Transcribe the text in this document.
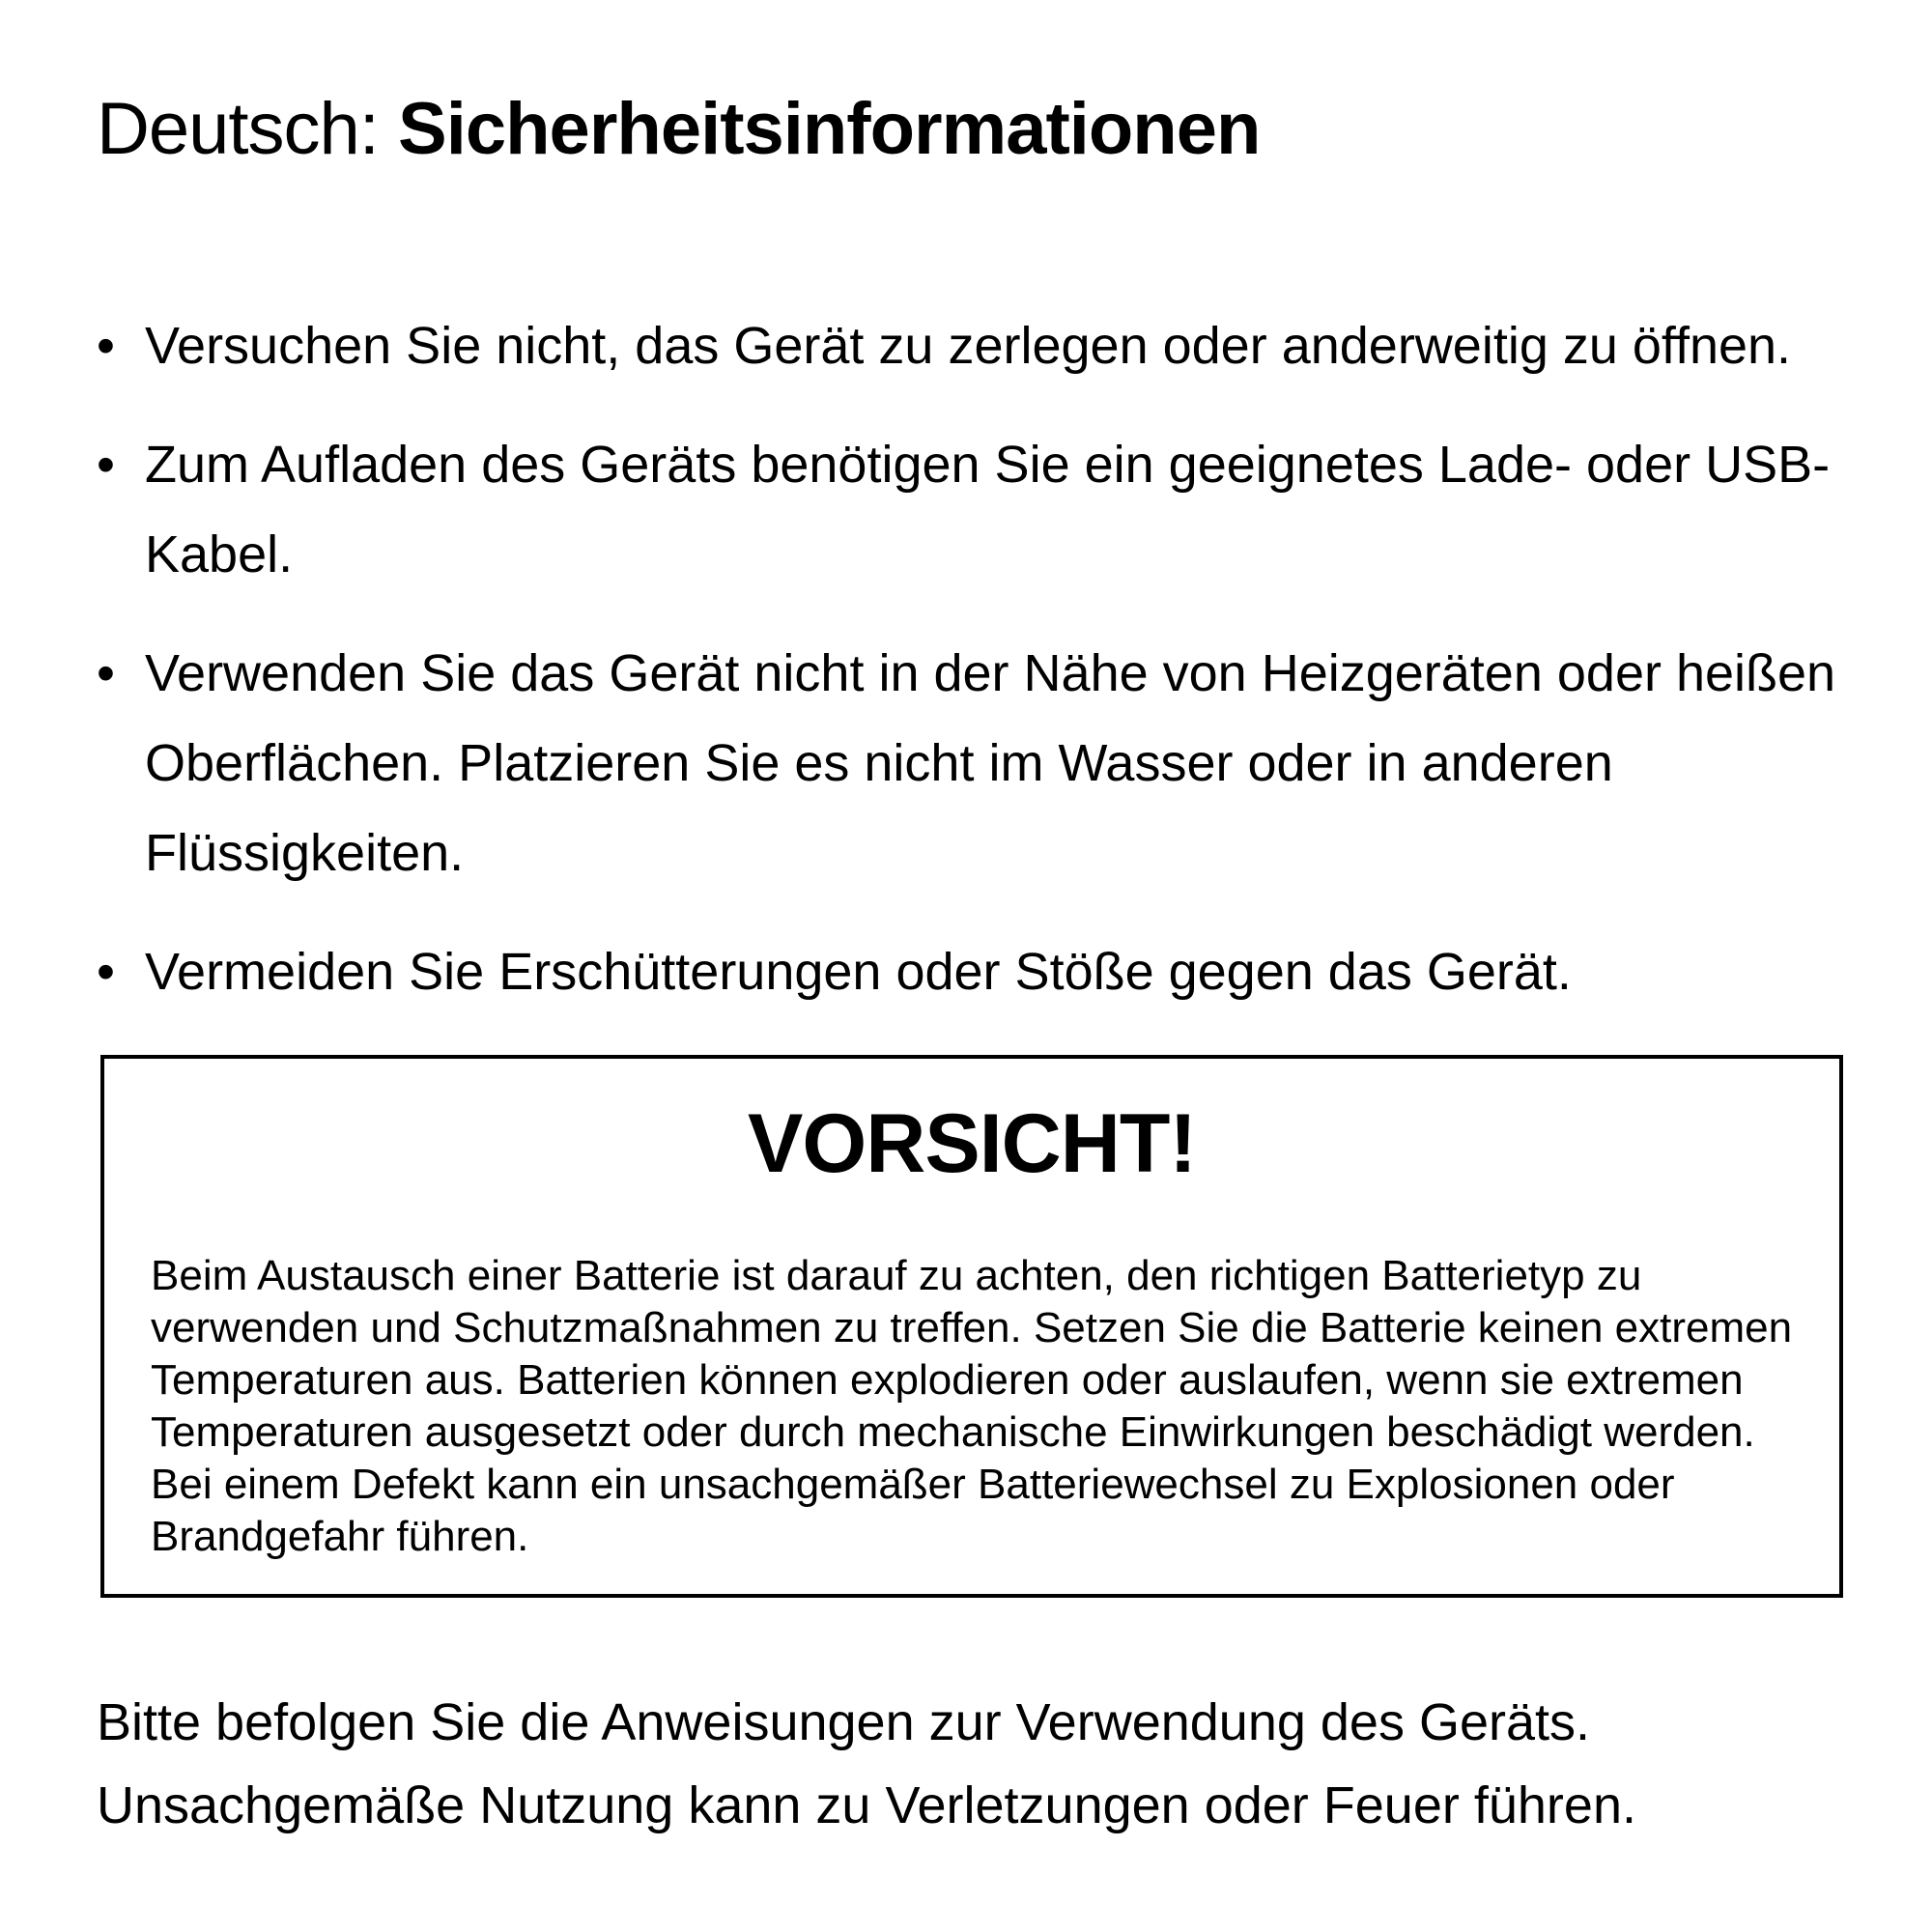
Deutsch: Sicherheitsinformationen
• Versuchen Sie nicht, das Gerät zu zerlegen oder anderweitig zu öffnen.
• Zum Aufladen des Geräts benötigen Sie ein geeignetes Lade- oder USB-Kabel.
• Verwenden Sie das Gerät nicht in der Nähe von Heizgeräten oder heißen Oberflächen. Platzieren Sie es nicht im Wasser oder in anderen Flüssigkeiten.
• Vermeiden Sie Erschütterungen oder Stöße gegen das Gerät.
VORSICHT!

Beim Austausch einer Batterie ist darauf zu achten, den richtigen Batterietyp zu verwenden und Schutzmaßnahmen zu treffen. Setzen Sie die Batterie keinen extremen Temperaturen aus. Batterien können explodieren oder auslaufen, wenn sie extremen Temperaturen ausgesetzt oder durch mechanische Einwirkungen beschädigt werden. Bei einem Defekt kann ein unsachgemäßer Batteriewechsel zu Explosionen oder Brandgefahr führen.

Bitte befolgen Sie die Anweisungen zur Verwendung des Geräts.
Unsachgemäße Nutzung kann zu Verletzungen oder Feuer führen.
